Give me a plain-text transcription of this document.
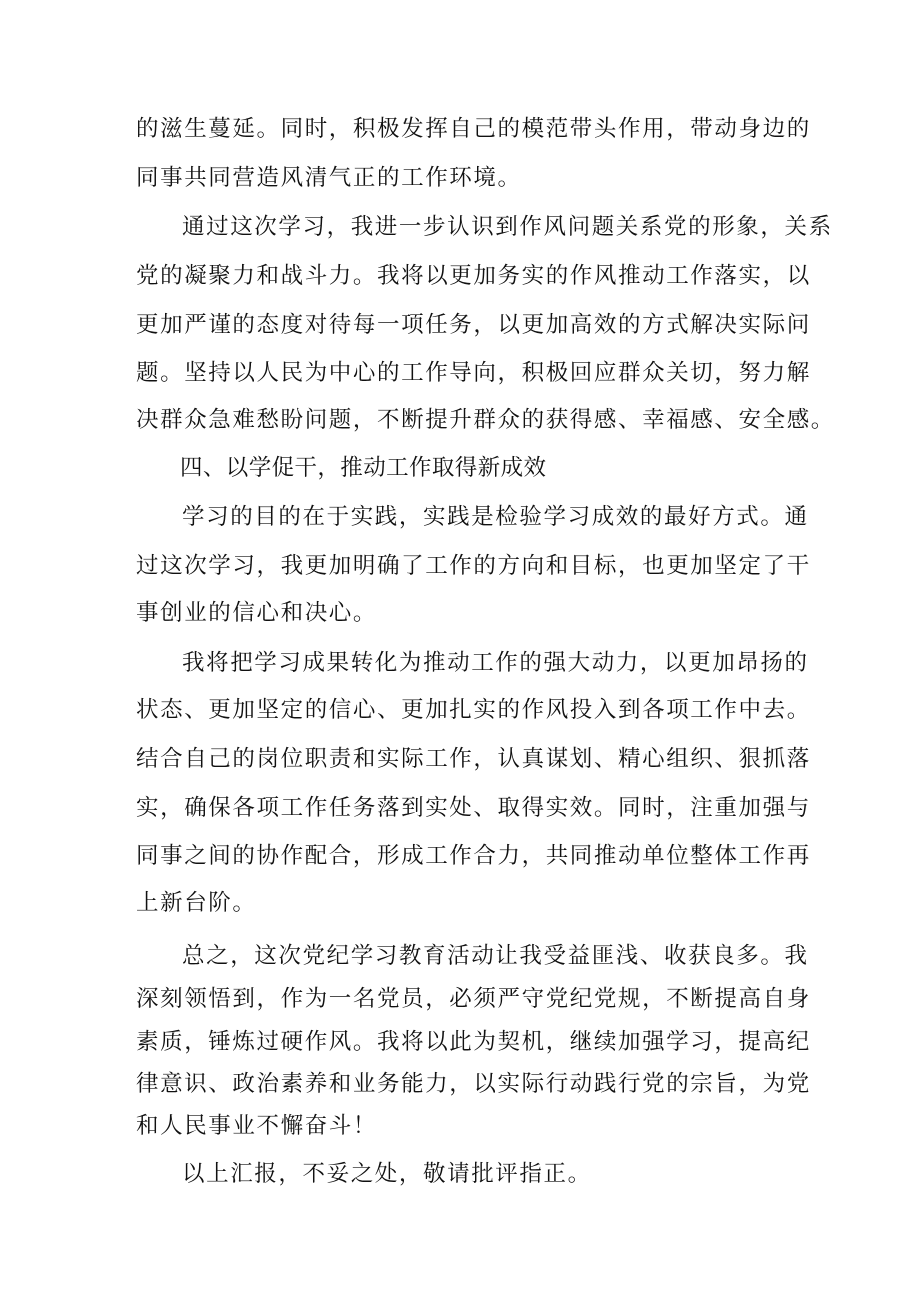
的滋生蔓延。同时，积极发挥自己的模范带头作用，带动身边的
同事共同营造风清气正的工作环境。
通过这次学习，我进一步认识到作风问题关系党的形象，关系
党的凝聚力和战斗力。我将以更加务实的作风推动工作落实，以
更加严谨的态度对待每一项任务，以更加高效的方式解决实际问
题。坚持以人民为中心的工作导向，积极回应群众关切，努力解
决群众急难愁盼问题，不断提升群众的获得感、幸福感、安全感。
四、以学促干，推动工作取得新成效
学习的目的在于实践，实践是检验学习成效的最好方式。通
过这次学习，我更加明确了工作的方向和目标，也更加坚定了干
事创业的信心和决心。
我将把学习成果转化为推动工作的强大动力，以更加昂扬的
状态、更加坚定的信心、更加扎实的作风投入到各项工作中去。
结合自己的岗位职责和实际工作，认真谋划、精心组织、狠抓落
实，确保各项工作任务落到实处、取得实效。同时，注重加强与
同事之间的协作配合，形成工作合力，共同推动单位整体工作再
上新台阶。
总之，这次党纪学习教育活动让我受益匪浅、收获良多。我
深刻领悟到，作为一名党员，必须严守党纪党规，不断提高自身
素质，锤炼过硬作风。我将以此为契机，继续加强学习，提高纪
律意识、政治素养和业务能力，以实际行动践行党的宗旨，为党
和人民事业不懈奋斗！
以上汇报，不妥之处，敬请批评指正。
